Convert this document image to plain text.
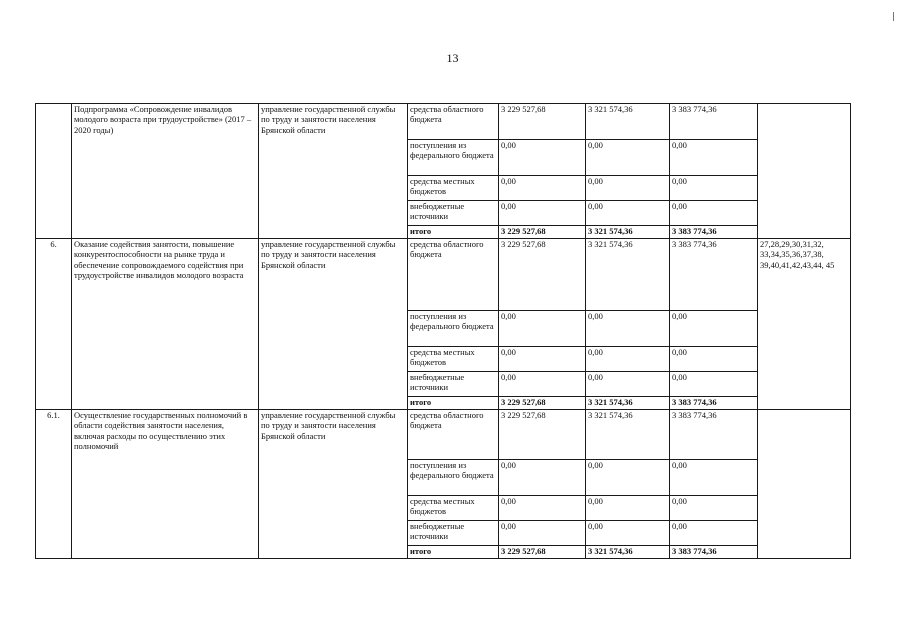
13
	Подпрограмма «Сопровождение инвалидов молодого возраста при трудоустройстве» (2017 – 2020 годы)	управление государственной службы по труду и занятости населения Брянской области	средства областного бюджета	3 229 527,68	3 321 574,36	3 383 774,36	
			поступления из федерального бюджета	0,00	0,00	0,00	
			средства местных бюджетов	0,00	0,00	0,00	
			внебюджетные источники	0,00	0,00	0,00	
			итого	3 229 527,68	3 321 574,36	3 383 774,36	
6.	Оказание содействия занятости, повышение конкурентоспособности на рынке труда и обеспечение сопровождаемого содействия при трудоустройстве инвалидов молодого возраста	управление государственной службы по труду и занятости населения Брянской области	средства областного бюджета	3 229 527,68	3 321 574,36	3 383 774,36	27,28,29,30,31,32, 33,34,35,36,37,38, 39,40,41,42,43,44, 45
			поступления из федерального бюджета	0,00	0,00	0,00	
			средства местных бюджетов	0,00	0,00	0,00	
			внебюджетные источники	0,00	0,00	0,00	
			итого	3 229 527,68	3 321 574,36	3 383 774,36	
6.1.	Осуществление государственных полномочий в области содействия занятости населения, включая расходы по осуществлению этих полномочий	управление государственной службы по труду и занятости населения Брянской области	средства областного бюджета	3 229 527,68	3 321 574,36	3 383 774,36	
			поступления из федерального бюджета	0,00	0,00	0,00	
			средства местных бюджетов	0,00	0,00	0,00	
			внебюджетные источники	0,00	0,00	0,00	
			итого	3 229 527,68	3 321 574,36	3 383 774,36	
